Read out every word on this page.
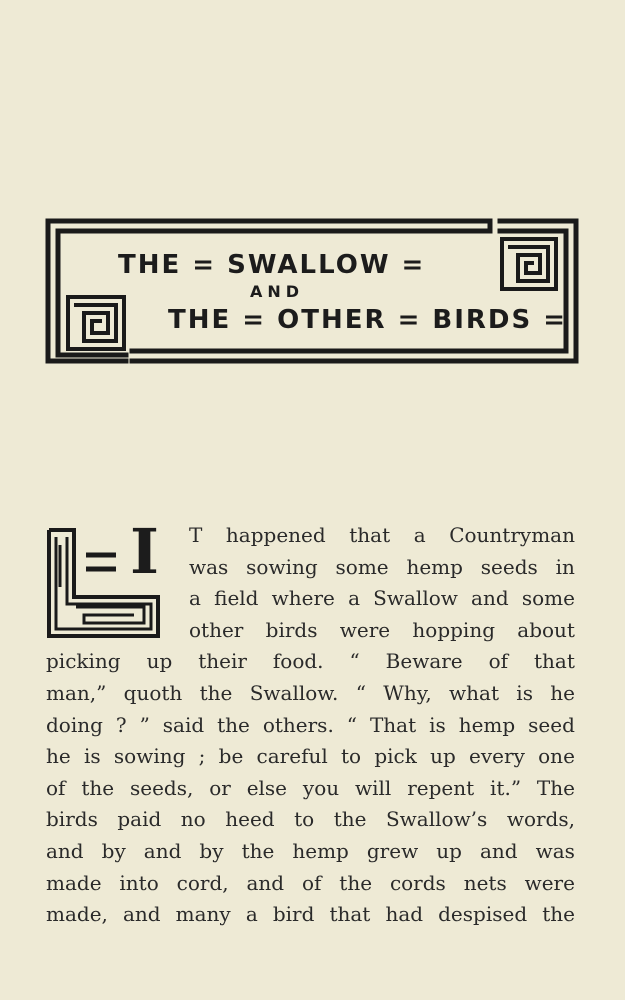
THE = SWALLOW =
AND
THE = OTHER = BIRDS =
I T happened that a Countryman
was sowing some hemp seeds in
a field where a Swallow and some
other birds were hopping about
picking up their food. “ Beware of that
man,” quoth the Swallow. “ Why, what is he
doing ? ” said the others. “ That is hemp seed
he is sowing ; be careful to pick up every one
of the seeds, or else you will repent it.” The
birds paid no heed to the Swallow’s words,
and by and by the hemp grew up and was
made into cord, and of the cords nets were
made, and many a bird that had despised the
